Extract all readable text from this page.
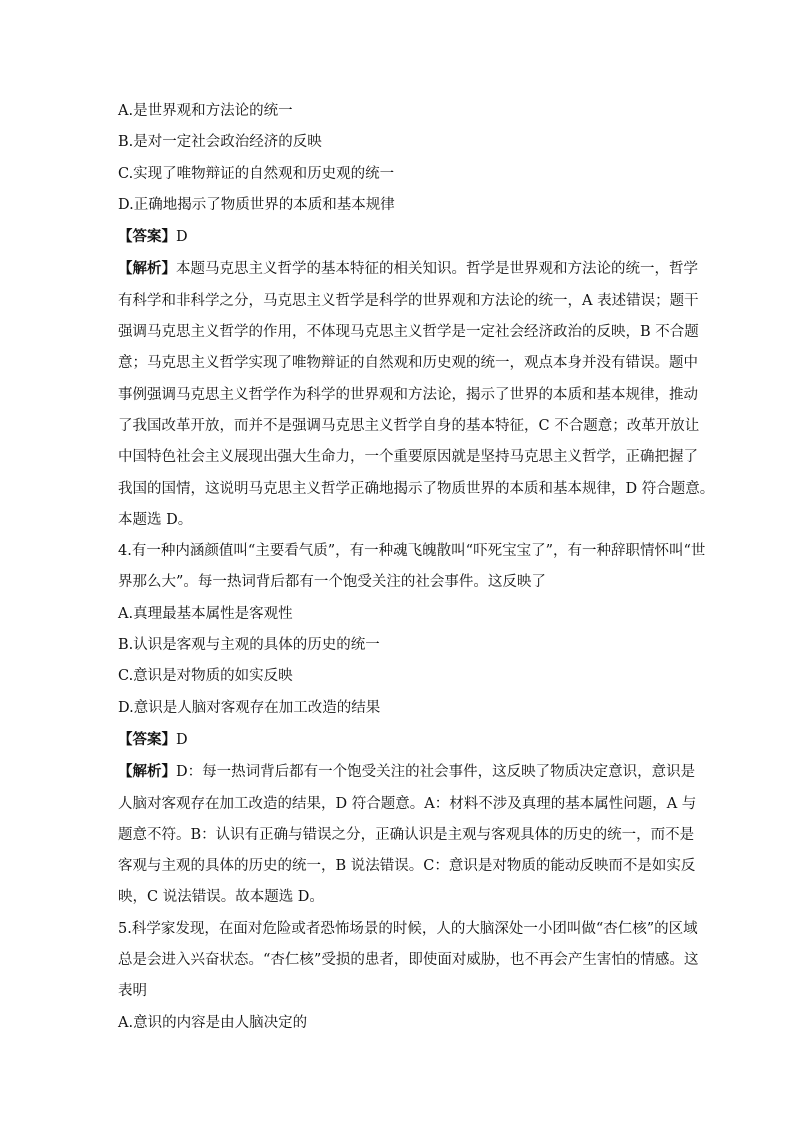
A.是世界观和方法论的统一
B.是对一定社会政治经济的反映
C.实现了唯物辩证的自然观和历史观的统一
D.正确地揭示了物质世界的本质和基本规律
【答案】D
【解析】本题马克思主义哲学的基本特征的相关知识。哲学是世界观和方法论的统一，哲学
有科学和非科学之分，马克思主义哲学是科学的世界观和方法论的统一，A 表述错误；题干
强调马克思主义哲学的作用，不体现马克思主义哲学是一定社会经济政治的反映，B 不合题
意；马克思主义哲学实现了唯物辩证的自然观和历史观的统一，观点本身并没有错误。题中
事例强调马克思主义哲学作为科学的世界观和方法论，揭示了世界的本质和基本规律，推动
了我国改革开放，而并不是强调马克思主义哲学自身的基本特征，C 不合题意；改革开放让
中国特色社会主义展现出强大生命力，一个重要原因就是坚持马克思主义哲学，正确把握了
我国的国情，这说明马克思主义哲学正确地揭示了物质世界的本质和基本规律，D 符合题意。
本题选 D。
4.有一种内涵颜值叫“主要看气质”，有一种魂飞魄散叫“吓死宝宝了”，有一种辞职情怀叫“世
界那么大”。每一热词背后都有一个饱受关注的社会事件。这反映了
A.真理最基本属性是客观性
B.认识是客观与主观的具体的历史的统一
C.意识是对物质的如实反映
D.意识是人脑对客观存在加工改造的结果
【答案】D
【解析】D：每一热词背后都有一个饱受关注的社会事件，这反映了物质决定意识，意识是
人脑对客观存在加工改造的结果，D 符合题意。A：材料不涉及真理的基本属性问题，A 与
题意不符。B：认识有正确与错误之分，正确认识是主观与客观具体的历史的统一，而不是
客观与主观的具体的历史的统一，B 说法错误。C：意识是对物质的能动反映而不是如实反
映，C 说法错误。故本题选 D。
5.科学家发现，在面对危险或者恐怖场景的时候，人的大脑深处一小团叫做“杏仁核”的区域
总是会进入兴奋状态。“杏仁核”受损的患者，即使面对威胁，也不再会产生害怕的情感。这
表明
A.意识的内容是由人脑决定的
